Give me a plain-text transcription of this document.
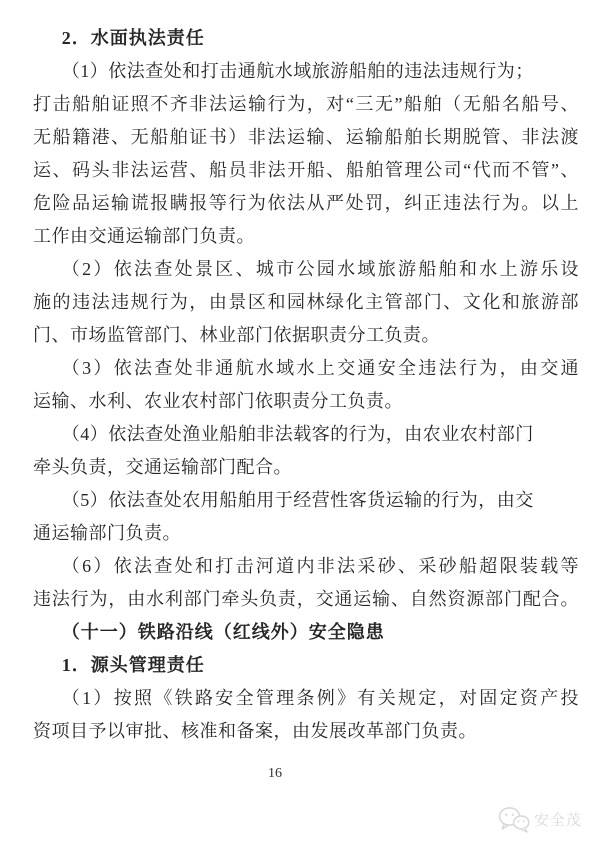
2．水面执法责任
（1）依法查处和打击通航水域旅游船舶的违法违规行为；
打击船舶证照不齐非法运输行为，对“三无”船舶（无船名船号、
无船籍港、无船舶证书）非法运输、运输船舶长期脱管、非法渡
运、码头非法运营、船员非法开船、船舶管理公司“代而不管”、
危险品运输谎报瞒报等行为依法从严处罚，纠正违法行为。以上
工作由交通运输部门负责。
（2）依法查处景区、城市公园水域旅游船舶和水上游乐设
施的违法违规行为，由景区和园林绿化主管部门、文化和旅游部
门、市场监管部门、林业部门依据职责分工负责。
（3）依法查处非通航水域水上交通安全违法行为，由交通
运输、水利、农业农村部门依职责分工负责。
（4）依法查处渔业船舶非法载客的行为，由农业农村部门
牵头负责，交通运输部门配合。
（5）依法查处农用船舶用于经营性客货运输的行为，由交
通运输部门负责。
（6）依法查处和打击河道内非法采砂、采砂船超限装载等
违法行为，由水利部门牵头负责，交通运输、自然资源部门配合。
（十一）铁路沿线（红线外）安全隐患
1．源头管理责任
（1）按照《铁路安全管理条例》有关规定，对固定资产投
资项目予以审批、核准和备案，由发展改革部门负责。
16
安全茂
